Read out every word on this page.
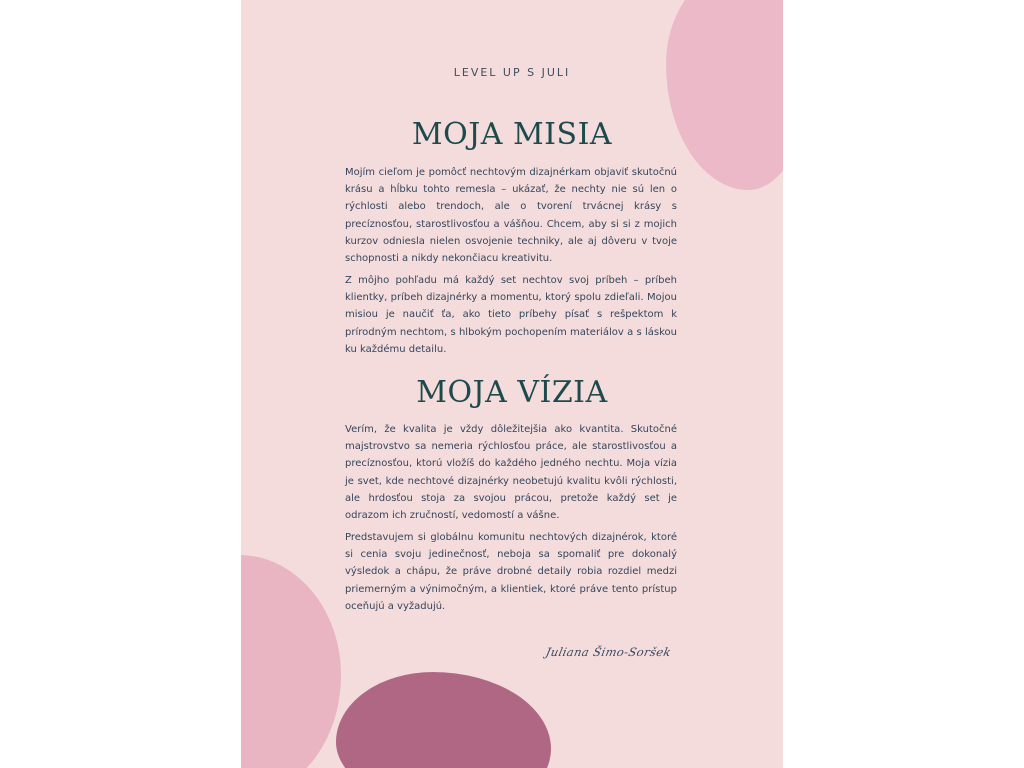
LEVEL UP S JULI
MOJA MISIA

Mojím cieľom je pomôcť nechtovým dizajnérkam objaviť skutočnú krásu a hĺbku tohto remesla – ukázať, že nechty nie sú len o rýchlosti alebo trendoch, ale o tvorení trvácnej krásy s precíznosťou, starostlivosťou a vášňou. Chcem, aby si si z mojich kurzov odniesla nielen osvojenie techniky, ale aj dôveru v tvoje schopnosti a nikdy nekončiacu kreativitu.

Z môjho pohľadu má každý set nechtov svoj príbeh – príbeh klientky, príbeh dizajnérky a momentu, ktorý spolu zdieľali. Mojou misiou je naučiť ťa, ako tieto príbehy písať s rešpektom k prírodným nechtom, s hlbokým pochopením materiálov a s láskou ku každému detailu.

MOJA VÍZIA

Verím, že kvalita je vždy dôležitejšia ako kvantita. Skutočné majstrovstvo sa nemeria rýchlosťou práce, ale starostlivosťou a precíznosťou, ktorú vložíš do každého jedného nechtu. Moja vízia je svet, kde nechtové dizajnérky neobetujú kvalitu kvôli rýchlosti, ale hrdosťou stoja za svojou prácou, pretože každý set je odrazom ich zručností, vedomostí a vášne.

Predstavujem si globálnu komunitu nechtových dizajnérok, ktoré si cenia svoju jedinečnosť, neboja sa spomaliť pre dokonalý výsledok a chápu, že práve drobné detaily robia rozdiel medzi priemerným a výnimočným, a klientiek, ktoré práve tento prístup oceňujú a vyžadujú.

Juliana Šimo-Soršek
